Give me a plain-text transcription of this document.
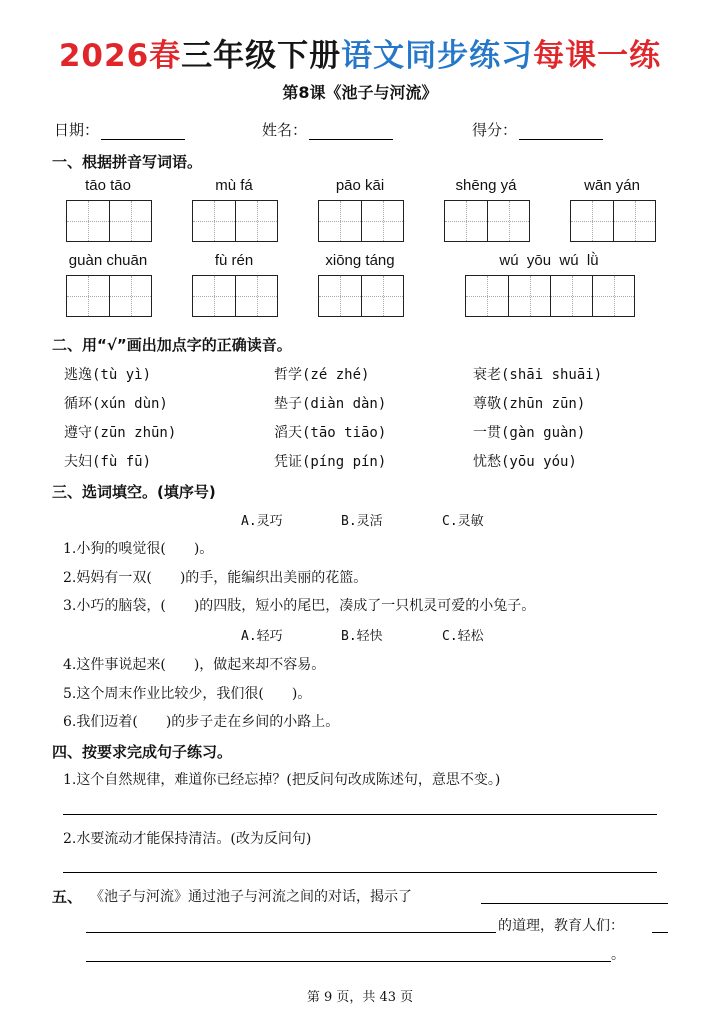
2026春三年级下册语文同步练习每课一练
第8课《池子与河流》
日期：	姓名：	得分：
一、根据拼音写词语。
tāo tāo	mù fá	pāo kāi	shēng yá	wān yán
guàn chuān	fù rén	xiōng táng	wú  yōu  wú  lǜ
二、用“√”画出加点字的正确读音。
逃逸(tù yì)	哲学(zé zhé)	衰老(shāi shuāi)
循环(xún dùn)	垫子(diàn dàn)	尊敬(zhūn zūn)
遵守(zūn zhūn)	滔天(tāo tiāo)	一贯(gàn guàn)
夫妇(fù fū)	凭证(píng pín)	忧愁(yōu yóu)
三、选词填空。(填序号)
A.灵巧	B.灵活	C.灵敏
1.小狗的嗅觉很(　　)。
2.妈妈有一双(　　)的手，能编织出美丽的花篮。
3.小巧的脑袋，(　　)的四肢，短小的尾巴，凑成了一只机灵可爱的小兔子。
A.轻巧	B.轻快	C.轻松
4.这件事说起来(　　)，做起来却不容易。
5.这个周末作业比较少，我们很(　　)。
6.我们迈着(　　)的步子走在乡间的小路上。
四、按要求完成句子练习。
1.这个自然规律，难道你已经忘掉？(把反问句改成陈述句，意思不变。)
2.水要流动才能保持清洁。(改为反问句)
五、 《池子与河流》通过池子与河流之间的对话，揭示了
的道理，教育人们：
。
第 9 页，共 43 页
